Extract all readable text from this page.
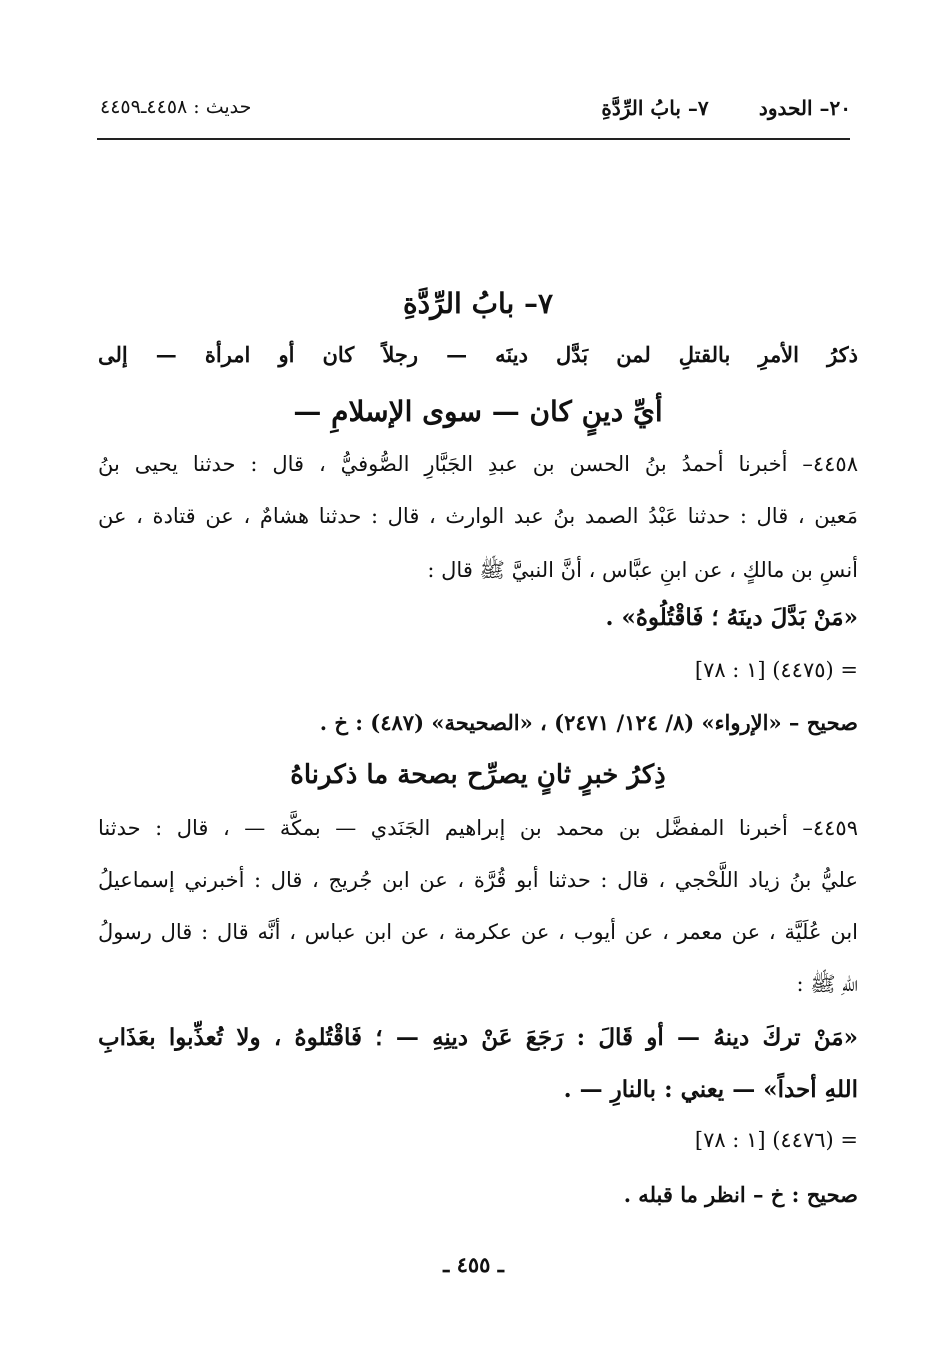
٢٠– الحدود
٧– بابُ الرِّدَّةِ
حديث : ٤٤٥٨ـ٤٤٥٩
٧– بابُ الرِّدَّةِ
ذكرُ الأمرِ بالقتلِ لمن بَدَّل دينَه — رجلاً كان أو امرأة — إلى
أيِّ دينٍ كان — سوى الإسلامِ —
٤٤٥٨– أخبرنا أحمدُ بنُ الحسن بن عبدِ الجَبَّارِ الصُّوفيُّ ، قال : حدثنا يحيى بنُ
مَعين ، قال : حدثنا عَبْدُ الصمد بنُ عبد الوارث ، قال : حدثنا هشامٌ ، عن قتادة ، عن
أنسِ بن مالكٍ ، عن ابنِ عبَّاس ، أنَّ النبيَّ ﷺ قال :
«مَنْ بَدَّلَ دينَهُ ؛ فَاقْتُلُوهُ» .
= (٤٤٧٥) [١ : ٧٨]
صحيح – «الإرواء» (٨/ ١٢٤/ ٢٤٧١) ، «الصحيحة» (٤٨٧) : خ .
ذِكرُ خبرٍ ثانٍ يصرِّح بصحة ما ذكرناهُ
٤٤٥٩– أخبرنا المفضَّل بن محمد بن إبراهيم الجَنَدي — بمكَّة — ، قال : حدثنا
عليُّ بنُ زياد اللَّحْجي ، قال : حدثنا أبو قُرَّة ، عن ابن جُريج ، قال : أخبرني إسماعيلُ
ابن عُلَيَّة ، عن معمر ، عن أيوب ، عن عكرمة ، عن ابن عباس ، أنَّه قال : قال رسولُ
اللهِ ﷺ :
«مَنْ تركَ دينهُ — أو قَالَ : رَجَعَ عَنْ دينِهِ — ؛ فَاقْتُلوهُ ، ولا تُعذِّبوا بعَذَابِ
اللهِ أحداً» — يعني : بالنارِ — .
= (٤٤٧٦) [١ : ٧٨]
صحيح : خ – انظر ما قبله .
ـ ٤٥٥ ـ
